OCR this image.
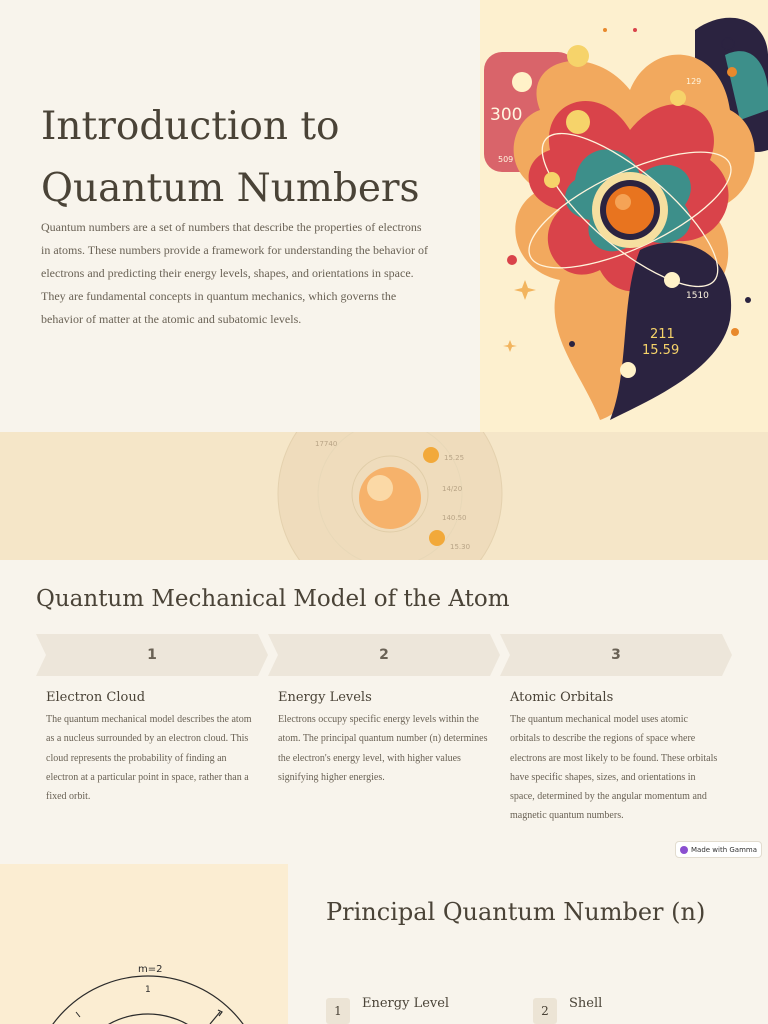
Introduction to
Quantum Numbers

Quantum numbers are a set of numbers that describe the properties of electrons in atoms. These numbers provide a framework for understanding the behavior of electrons and predicting their energy levels, shapes, and orientations in space. They are fundamental concepts in quantum mechanics, which governs the behavior of matter at the atomic and subatomic levels.

300
509
129
1510
211
15.59
17740
15.25
14/20
140.50
15.30
Quantum Mechanical Model of the Atom
1	2	3
Electron Cloud

The quantum mechanical model describes the atom as a nucleus surrounded by an electron cloud. This cloud represents the probability of finding an electron at a particular point in space, rather than a fixed orbit.

Energy Levels

Electrons occupy specific energy levels within the atom. The principal quantum number (n) determines the electron's energy level, with higher values signifying higher energies.

Atomic Orbitals

The quantum mechanical model uses atomic orbitals to describe the regions of space where electrons are most likely to be found. These orbitals have specific shapes, sizes, and orientations in space, determined by the angular momentum and magnetic quantum numbers.

Made with Gamma
m=2
1
Principal Quantum Number (n)
1	Energy Level	2	Shell
